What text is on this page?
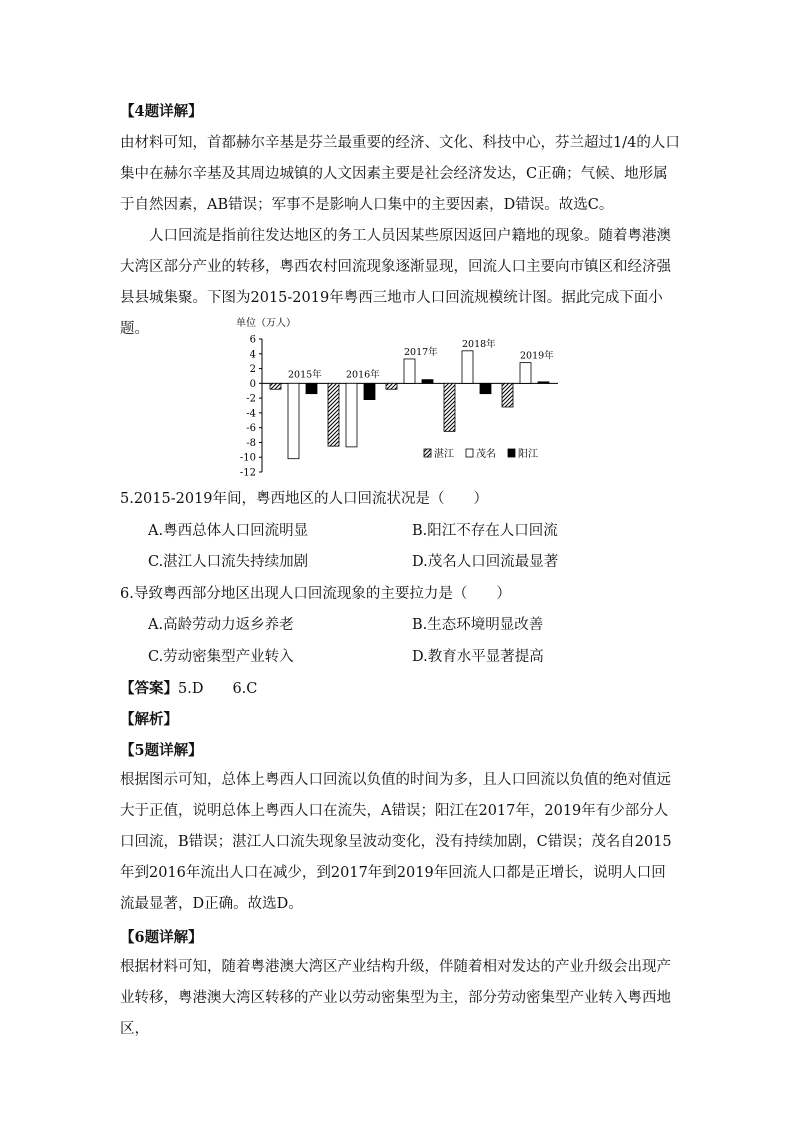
【4题详解】

由材料可知，首都赫尔辛基是芬兰最重要的经济、文化、科技中心，芬兰超过1/4的人口集中在赫尔辛基及其周边城镇的人文因素主要是社会经济发达，C正确；气候、地形属于自然因素，AB错误；军事不是影响人口集中的主要因素，D错误。故选C。

人口回流是指前往发达地区的务工人员因某些原因返回户籍地的现象。随着粤港澳大湾区部分产业的转移，粤西农村回流现象逐渐显现，回流人口主要向市镇区和经济强县县城集聚。下图为2015-2019年粤西三地市人口回流规模统计图。据此完成下面小题。	单位（万人）
6
4
2
0
-2
-4
-6
-8
-10
-12
2015年	2016年
2017年
2018年
2019年
湛江 茂名 阳江
5.2015-2019年间，粤西地区的人口回流状况是（　　）
A.粤西总体人口回流明显	B.阳江不存在人口回流
C.湛江人口流失持续加剧	D.茂名人口回流最显著
6.导致粤西部分地区出现人口回流现象的主要拉力是（　　）
A.高龄劳动力返乡养老	B.生态环境明显改善
C.劳动密集型产业转入	D.教育水平显著提高
【答案】5.D　　6.C
【解析】
【5题详解】

根据图示可知，总体上粤西人口回流以负值的时间为多，且人口回流以负值的绝对值远大于正值，说明总体上粤西人口在流失，A错误；阳江在2017年，2019年有少部分人口回流，B错误；湛江人口流失现象呈波动变化，没有持续加剧，C错误；茂名自2015年到2016年流出人口在减少，到2017年到2019年回流人口都是正增长，说明人口回流最显著，D正确。故选D。

【6题详解】

根据材料可知，随着粤港澳大湾区产业结构升级，伴随着相对发达的产业升级会出现产业转移，粤港澳大湾区转移的产业以劳动密集型为主，部分劳动密集型产业转入粤西地区，
